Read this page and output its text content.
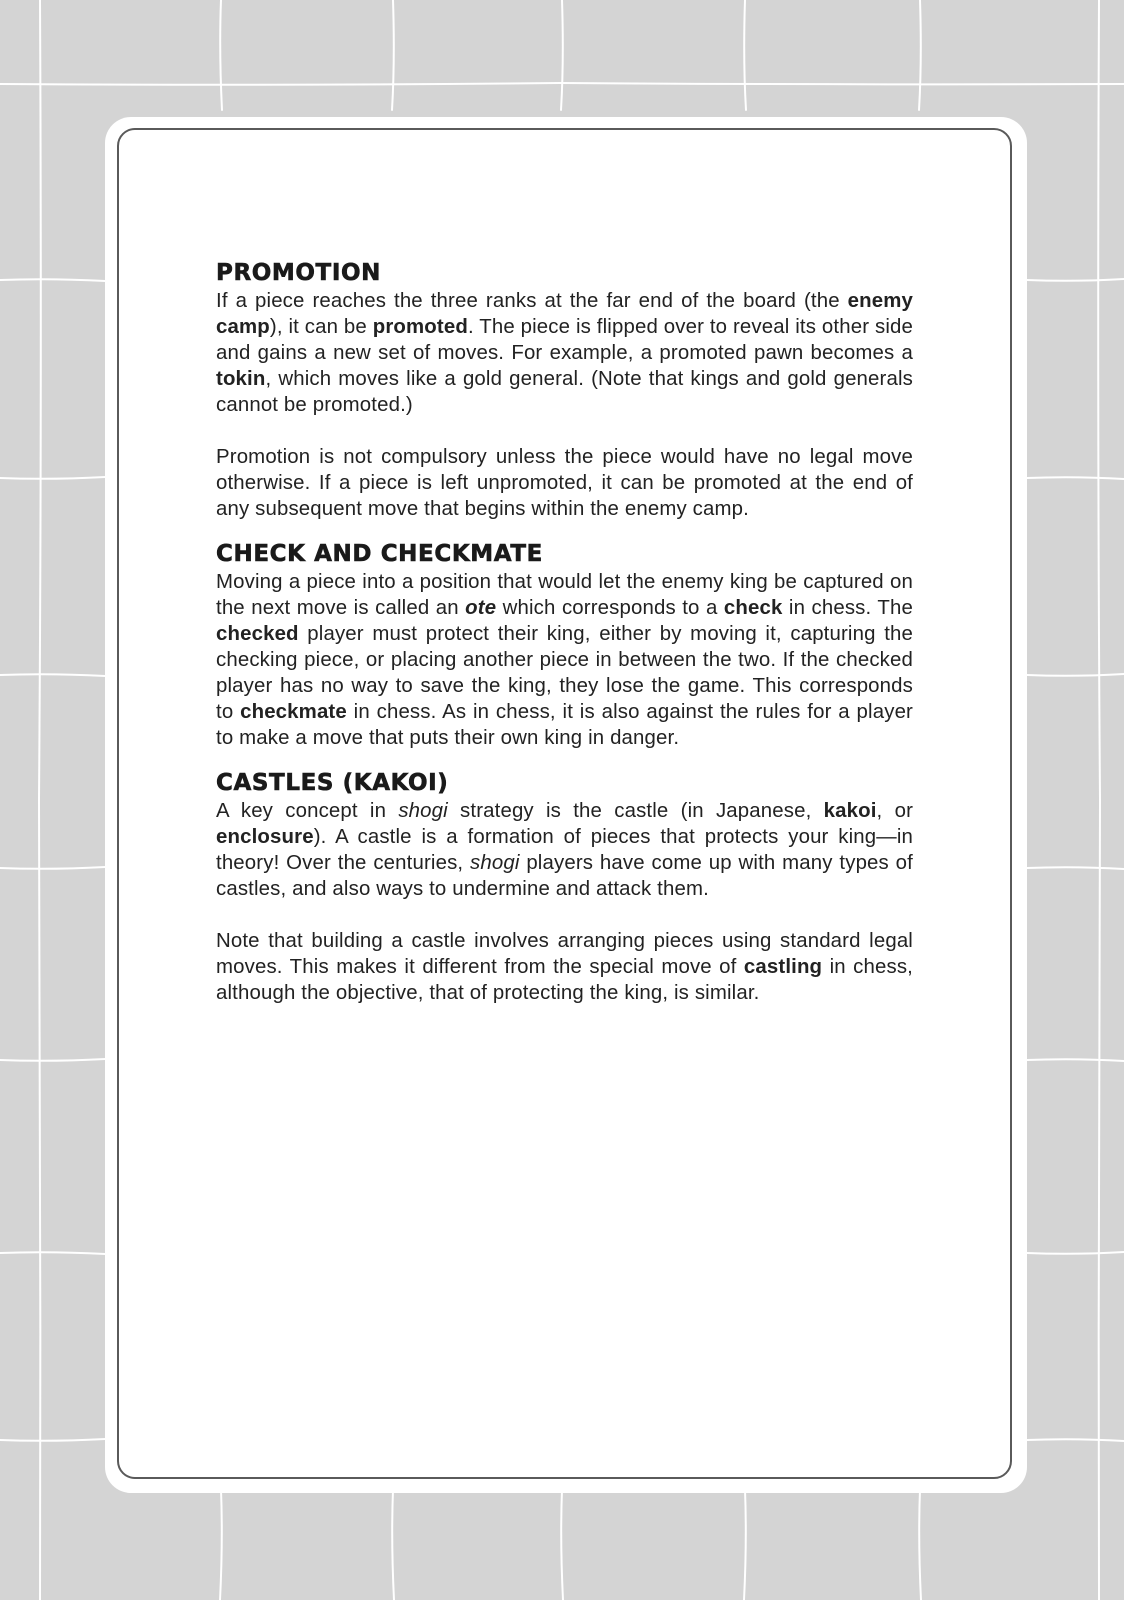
PROMOTION

If a piece reaches the three ranks at the far end of the board (the enemy camp), it can be promoted. The piece is flipped over to reveal its other side and gains a new set of moves. For example, a promoted pawn becomes a tokin, which moves like a gold general. (Note that kings and gold generals cannot be promoted.)

Promotion is not compulsory unless the piece would have no legal move otherwise. If a piece is left unpromoted, it can be promoted at the end of any subsequent move that begins within the enemy camp.

CHECK AND CHECKMATE

Moving a piece into a position that would let the enemy king be captured on the next move is called an ote which corresponds to a check in chess. The checked player must protect their king, either by moving it, capturing the checking piece, or placing another piece in between the two. If the checked player has no way to save the king, they lose the game. This corresponds to checkmate in chess. As in chess, it is also against the rules for a player to make a move that puts their own king in danger.

CASTLES (KAKOI)

A key concept in shogi strategy is the castle (in Japanese, kakoi, or enclosure). A castle is a formation of pieces that protects your king—in theory! Over the centuries, shogi players have come up with many types of castles, and also ways to undermine and attack them.

Note that building a castle involves arranging pieces using standard legal moves. This makes it different from the special move of castling in chess, although the objective, that of protecting the king, is similar.
